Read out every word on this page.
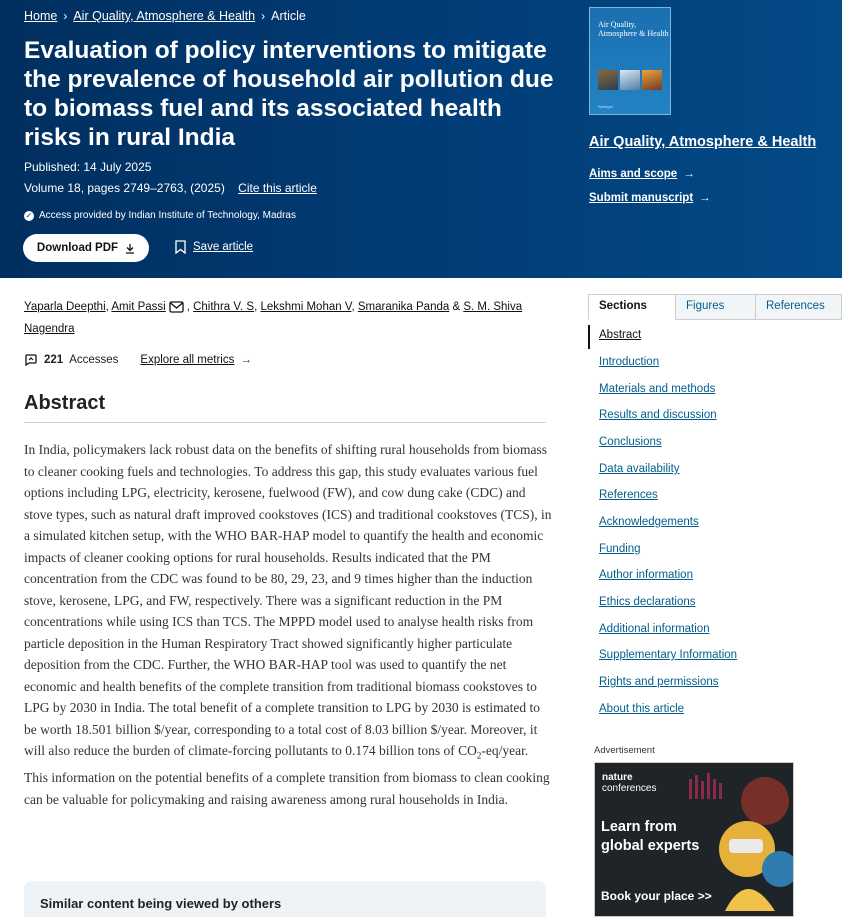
Home › Air Quality, Atmosphere & Health › Article
Evaluation of policy interventions to mitigate the prevalence of household air pollution due to biomass fuel and its associated health risks in rural India
Published: 14 July 2025
Volume 18, pages 2749–2763, (2025) Cite this article
✓ Access provided by Indian Institute of Technology, Madras
Download PDF	Save article
Air Quality, Atmosphere & Health
Springer
Air Quality, Atmosphere & Health
Aims and scope →
Submit manuscript →
Yaparla Deepthi, Amit Passi , Chithra V. S, Lekshmi Mohan V, Smaranika Panda & S. M. Shiva Nagendra
221 Accesses Explore all metrics →
Abstract

In India, policymakers lack robust data on the benefits of shifting rural households from biomass to cleaner cooking fuels and technologies. To address this gap, this study evaluates various fuel options including LPG, electricity, kerosene, fuelwood (FW), and cow dung cake (CDC) and stove types, such as natural draft improved cookstoves (ICS) and traditional cookstoves (TCS), in a simulated kitchen setup, with the WHO BAR-HAP model to quantify the health and economic impacts of cleaner cooking options for rural households. Results indicated that the PM concentration from the CDC was found to be 80, 29, 23, and 9 times higher than the induction stove, kerosene, LPG, and FW, respectively. There was a significant reduction in the PM concentrations while using ICS than TCS. The MPPD model used to analyse health risks from particle deposition in the Human Respiratory Tract showed significantly higher particulate deposition from the CDC. Further, the WHO BAR-HAP tool was used to quantify the net economic and health benefits of the complete transition from traditional biomass cookstoves to LPG by 2030 in India. The total benefit of a complete transition to LPG by 2030 is estimated to be worth 18.501 billion $/year, corresponding to a total cost of 8.03 billion $/year. Moreover, it will also reduce the burden of climate-forcing pollutants to 0.174 billion tons of $CO_2-eq$/year. This information on the potential benefits of a complete transition from biomass to clean cooking can be valuable for policymaking and raising awareness among rural households in India.

Similar content being viewed by others
Sections	Figures	References
Abstract
Introduction
Materials and methods
Results and discussion
Conclusions
Data availability
References
Acknowledgements
Funding
Author information
Ethics declarations
Additional information
Supplementary Information
Rights and permissions
About this article
Advertisement
nature
conferences
Learn from global experts
Book your place >>
